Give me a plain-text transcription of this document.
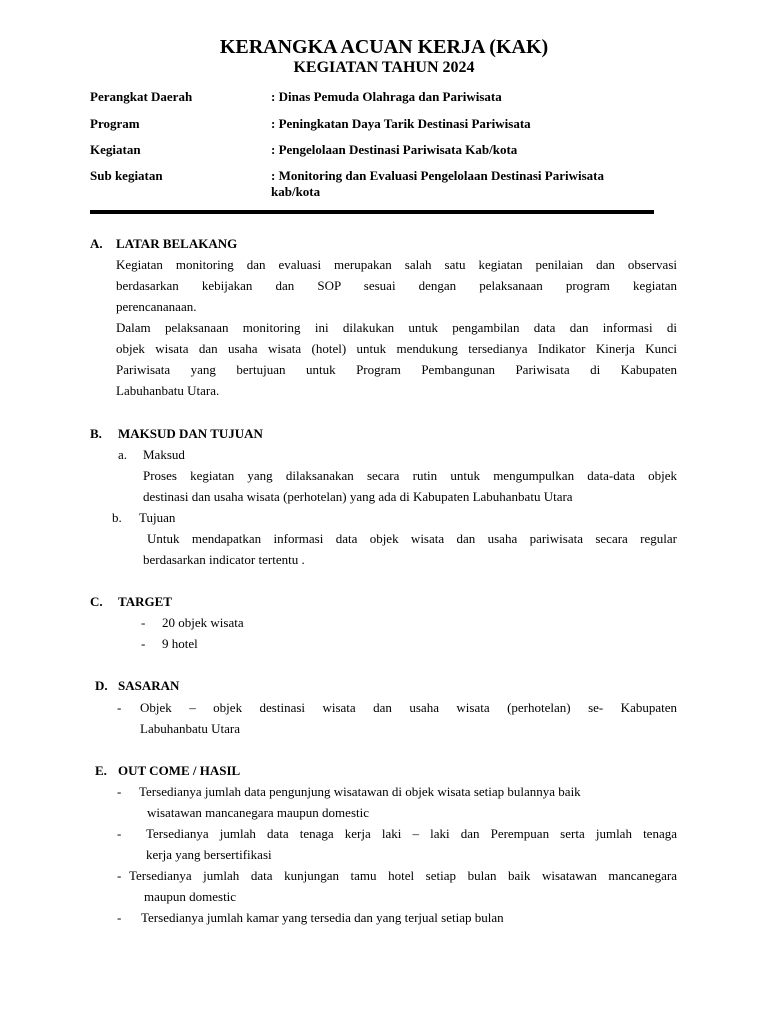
KERANGKA ACUAN KERJA (KAK)
KEGIATAN TAHUN 2024
Perangkat Daerah	: Dinas Pemuda Olahraga dan Pariwisata
Program	: Peningkatan Daya Tarik Destinasi Pariwisata
Kegiatan	: Pengelolaan Destinasi Pariwisata Kab/kota
Sub kegiatan	: Monitoring dan Evaluasi Pengelolaan Destinasi Pariwisata
kab/kota
A. LATAR BELAKANG
Kegiatan monitoring dan evaluasi merupakan salah satu kegiatan penilaian dan observasi
berdasarkan kebijakan dan SOP sesuai dengan pelaksanaan program kegiatan
perencananaan.
Dalam pelaksanaan monitoring ini dilakukan untuk pengambilan data dan informasi di
objek wisata dan usaha wisata (hotel) untuk mendukung tersedianya Indikator Kinerja Kunci
Pariwisata yang bertujuan untuk Program Pembangunan Pariwisata di Kabupaten
Labuhanbatu Utara.
B. MAKSUD DAN TUJUAN
a. Maksud
Proses kegiatan yang dilaksanakan secara rutin untuk mengumpulkan data-data objek
destinasi dan usaha wisata (perhotelan) yang ada di Kabupaten Labuhanbatu Utara
b. Tujuan
Untuk mendapatkan informasi data objek wisata dan usaha pariwisata secara regular
berdasarkan indicator tertentu .
C. TARGET
- 20 objek wisata
- 9 hotel
D. SASARAN
- Objek – objek destinasi wisata dan usaha wisata (perhotelan) se- Kabupaten
Labuhanbatu Utara
E. OUT COME / HASIL
- Tersedianya jumlah data pengunjung wisatawan di objek wisata setiap bulannya baik
wisatawan mancanegara maupun domestic
- Tersedianya jumlah data tenaga kerja laki – laki dan Perempuan serta jumlah tenaga
kerja yang bersertifikasi
- Tersedianya jumlah data kunjungan tamu hotel setiap bulan baik wisatawan mancanegara
maupun domestic
- Tersedianya jumlah kamar yang tersedia dan yang terjual setiap bulan
